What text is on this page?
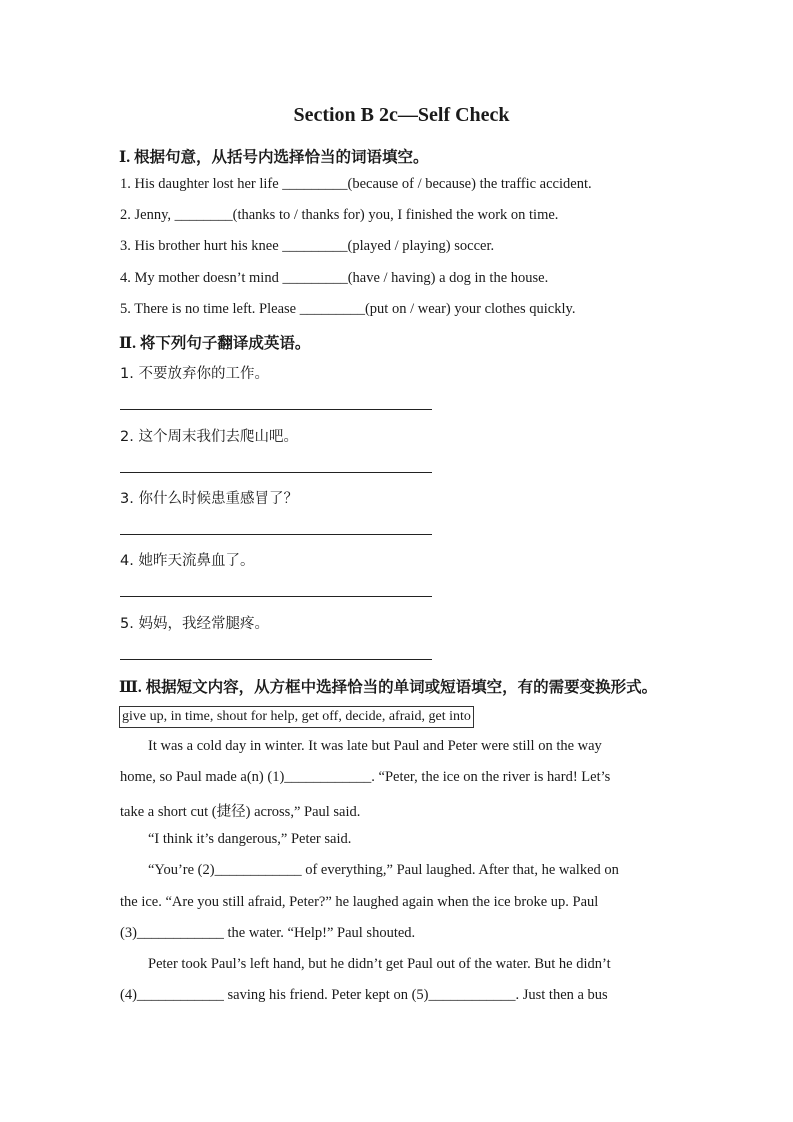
Section B 2c—Self Check
Ⅰ. 根据句意，从括号内选择恰当的词语填空。
1. His daughter lost her life _________(because of / because) the traffic accident.
2. Jenny, ________(thanks to / thanks for) you, I finished the work on time.
3. His brother hurt his knee _________(played / playing) soccer.
4. My mother doesn’t mind _________(have / having) a dog in the house.
5. There is no time left. Please _________(put on / wear) your clothes quickly.
Ⅱ. 将下列句子翻译成英语。
1. 不要放弃你的工作。
2. 这个周末我们去爬山吧。
3. 你什么时候患重感冒了？
4. 她昨天流鼻血了。
5. 妈妈，我经常腿疼。
Ⅲ. 根据短文内容，从方框中选择恰当的单词或短语填空，有的需要变换形式。
give up, in time, shout for help, get off, decide, afraid, get into
It was a cold day in winter. It was late but Paul and Peter were still on the way
home, so Paul made a(n) (1)____________. “Peter, the ice on the river is hard! Let’s
take a short cut (捷径) across,” Paul said.
“I think it’s dangerous,” Peter said.
“You’re (2)____________ of everything,” Paul laughed. After that, he walked on
the ice. “Are you still afraid, Peter?” he laughed again when the ice broke up. Paul
(3)____________ the water. “Help!” Paul shouted.
Peter took Paul’s left hand, but he didn’t get Paul out of the water. But he didn’t
(4)____________ saving his friend. Peter kept on (5)____________. Just then a bus
